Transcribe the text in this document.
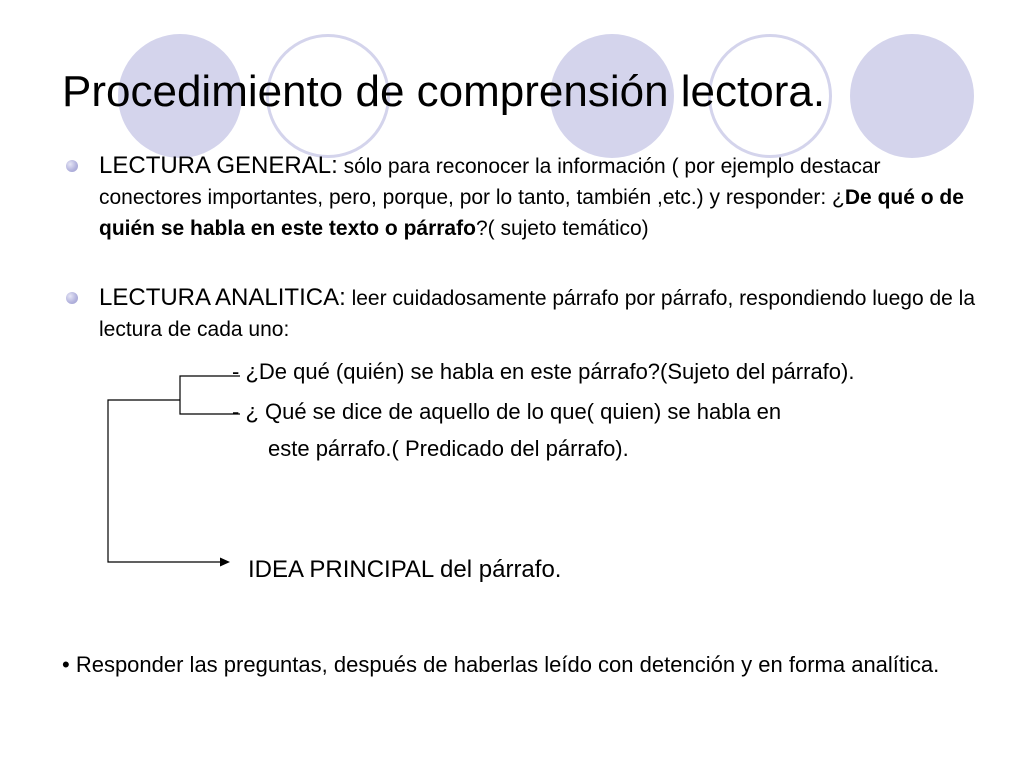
Procedimiento de comprensión lectora.

LECTURA GENERAL: sólo para reconocer la información ( por ejemplo destacar conectores importantes, pero, porque, por lo tanto, también ,etc.) y responder: ¿De qué o de quién se habla en este texto o párrafo?( sujeto temático)

LECTURA ANALITICA: leer cuidadosamente párrafo por párrafo, respondiendo luego de la lectura de cada uno:

- ¿De qué (quién) se habla en este párrafo?(Sujeto del párrafo).

- ¿ Qué se dice de aquello de lo que( quien) se habla en

este párrafo.( Predicado del párrafo).

IDEA PRINCIPAL del párrafo.

• Responder las preguntas, después de haberlas leído con detención y en forma analítica.
